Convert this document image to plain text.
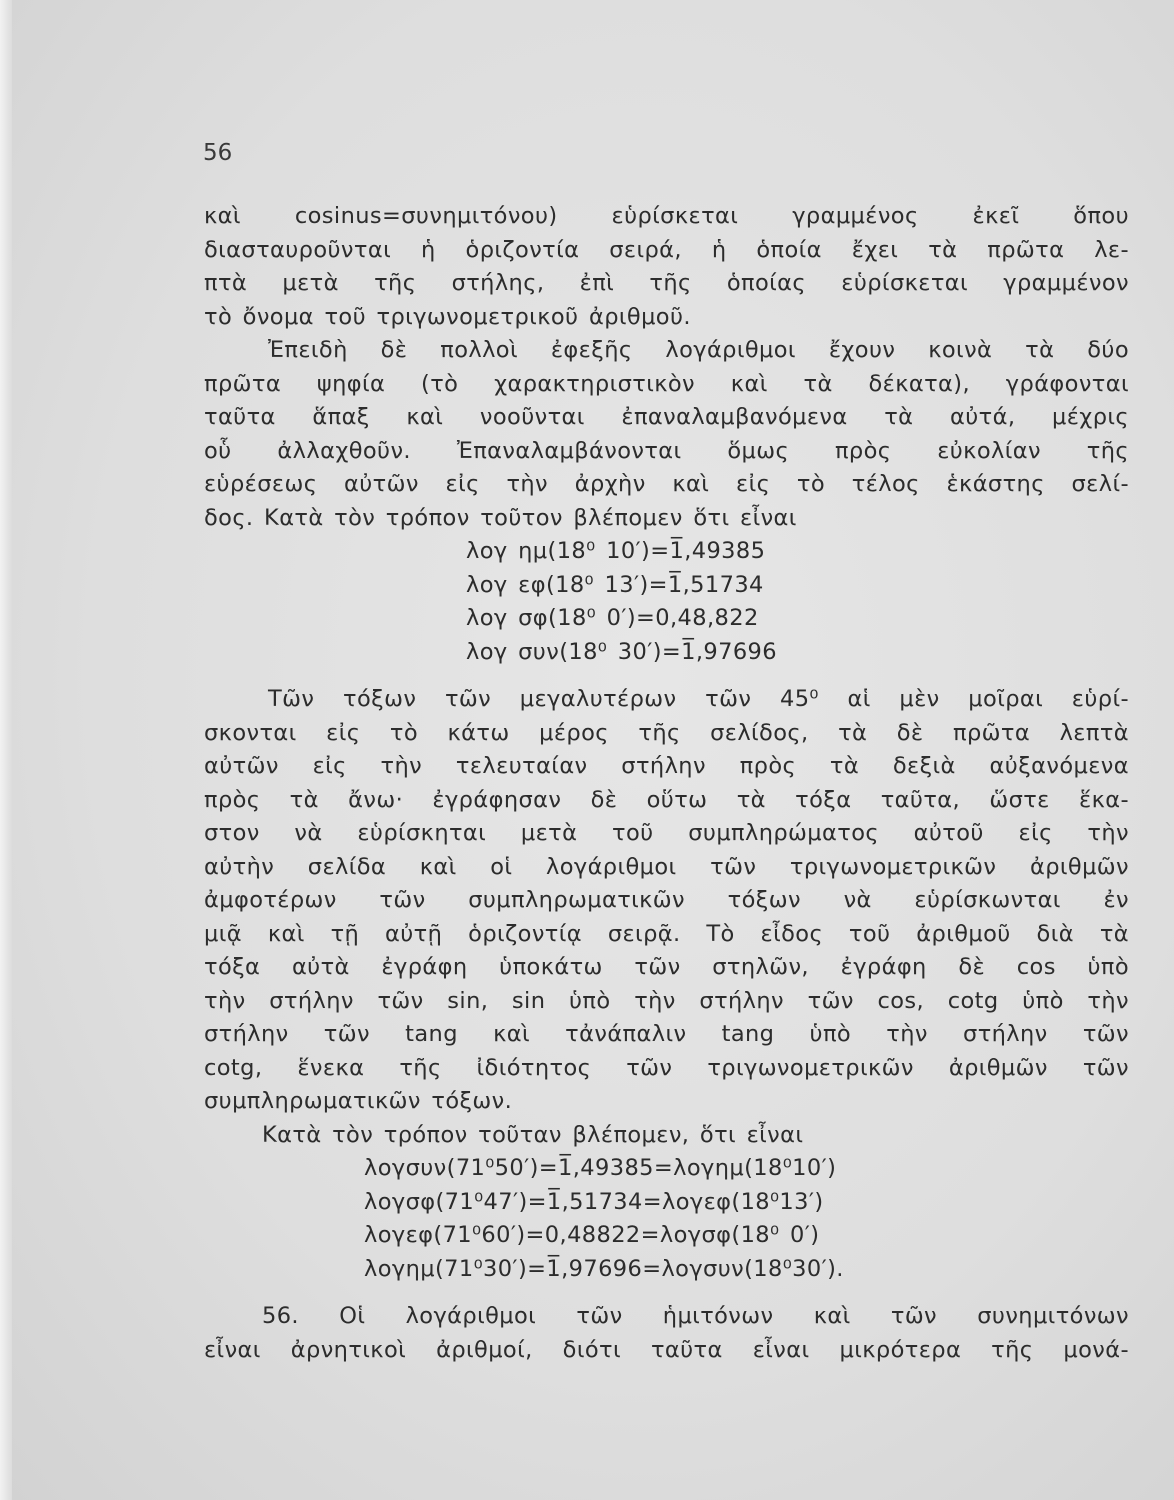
56
καὶ cosinus=συνημιτόνου) εὑρίσκεται γραμμένος ἐκεῖ ὅπου
διασταυροῦνται ἡ ὁριζοντία σειρά, ἡ ὁποία ἔχει τὰ πρῶτα λε-
πτὰ μετὰ τῆς στήλης, ἐπὶ τῆς ὁποίας εὑρίσκεται γραμμένον
τὸ ὄνομα τοῦ τριγωνομετρικοῦ ἀριθμοῦ.
Ἐπειδὴ δὲ πολλοὶ ἐφεξῆς λογάριθμοι ἔχουν κοινὰ τὰ δύο
πρῶτα ψηφία (τὸ χαρακτηριστικὸν καὶ τὰ δέκατα), γράφονται
ταῦτα ἅπαξ καὶ νοοῦνται ἐπαναλαμβανόμενα τὰ αὐτά, μέχρις
οὗ ἀλλαχθοῦν. Ἐπαναλαμβάνονται ὅμως πρὸς εὐκολίαν τῆς
εὑρέσεως αὐτῶν εἰς τὴν ἀρχὴν καὶ εἰς τὸ τέλος ἑκάστης σελί-
δος. Κατὰ τὸν τρόπον τοῦτον βλέπομεν ὅτι εἶναι
λογ ημ(18⁰ 10′)=1̅,49385
λογ εφ(18⁰ 13′)=1̅,51734
λογ σφ(18⁰ 0′)=0,48,822
λογ συν(18⁰ 30′)=1̅,97696
Τῶν τόξων τῶν μεγαλυτέρων τῶν 45⁰ αἱ μὲν μοῖραι εὑρί-
σκονται εἰς τὸ κάτω μέρος τῆς σελίδος, τὰ δὲ πρῶτα λεπτὰ
αὐτῶν εἰς τὴν τελευταίαν στήλην πρὸς τὰ δεξιὰ αὐξανόμενα
πρὸς τὰ ἄνω· ἐγράφησαν δὲ οὕτω τὰ τόξα ταῦτα, ὥστε ἕκα-
στον νὰ εὑρίσκηται μετὰ τοῦ συμπληρώματος αὐτοῦ εἰς τὴν
αὐτὴν σελίδα καὶ οἱ λογάριθμοι τῶν τριγωνομετρικῶν ἀριθμῶν
ἀμφοτέρων τῶν συμπληρωματικῶν τόξων νὰ εὑρίσκωνται ἐν
μιᾷ καὶ τῇ αὐτῇ ὁριζοντίᾳ σειρᾷ. Τὸ εἶδος τοῦ ἀριθμοῦ διὰ τὰ
τόξα αὐτὰ ἐγράφη ὑποκάτω τῶν στηλῶν, ἐγράφη δὲ cos ὑπὸ
τὴν στήλην τῶν sin, sin ὑπὸ τὴν στήλην τῶν cos, cotg ὑπὸ τὴν
στήλην τῶν tang καὶ τἀνάπαλιν tang ὑπὸ τὴν στήλην τῶν
cotg, ἕνεκα τῆς ἰδιότητος τῶν τριγωνομετρικῶν ἀριθμῶν τῶν
συμπληρωματικῶν τόξων.
Κατὰ τὸν τρόπον τοῦταν βλέπομεν, ὅτι εἶναι
λογσυν(71⁰50′)=1̅,49385=λογημ(18⁰10′)
λογσφ(71⁰47′)=1̅,51734=λογεφ(18⁰13′)
λογεφ(71⁰60′)=0,48822=λογσφ(18⁰ 0′)
λογημ(71⁰30′)=1̅,97696=λογσυν(18⁰30′).
56. Οἱ λογάριθμοι τῶν ἡμιτόνων καὶ τῶν συνημιτόνων
εἶναι ἀρνητικοὶ ἀριθμοί, διότι ταῦτα εἶναι μικρότερα τῆς μονά-
